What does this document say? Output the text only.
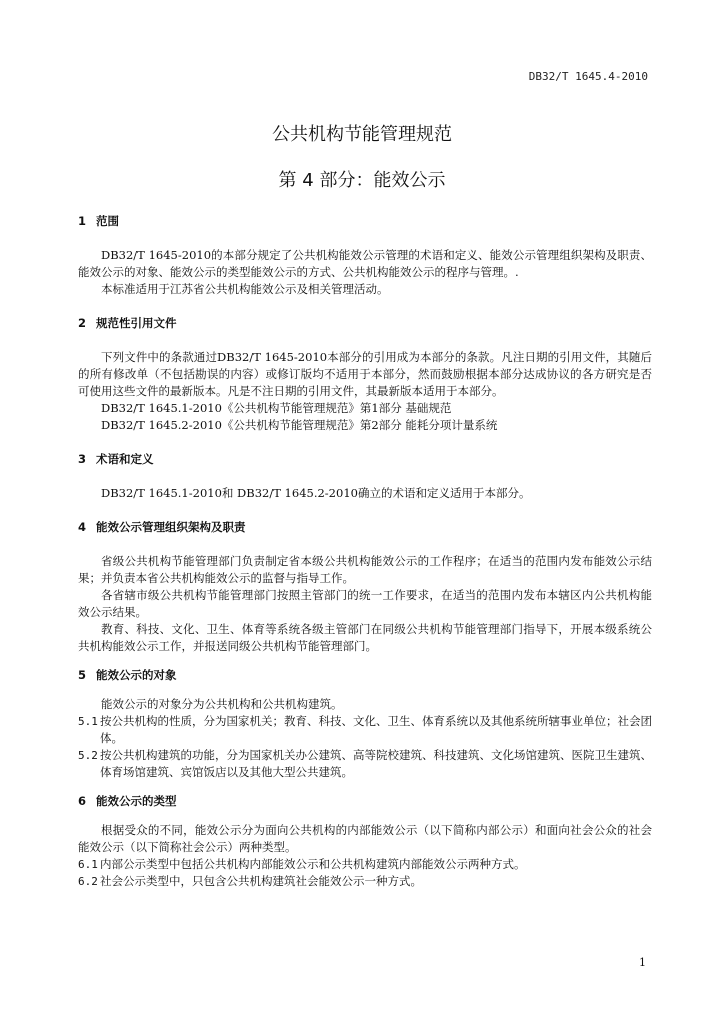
DB32/T 1645.4-2010
公共机构节能管理规范
第 4 部分：能效公示
1 范围

DB32/T 1645-2010的本部分规定了公共机构能效公示管理的术语和定义、能效公示管理组织架构及职责、能效公示的对象、能效公示的类型能效公示的方式、公共机构能效公示的程序与管理。.

本标准适用于江苏省公共机构能效公示及相关管理活动。

2 规范性引用文件

下列文件中的条款通过DB32/T 1645-2010本部分的引用成为本部分的条款。凡注日期的引用文件，其随后的所有修改单（不包括勘误的内容）或修订版均不适用于本部分，然而鼓励根据本部分达成协议的各方研究是否可使用这些文件的最新版本。凡是不注日期的引用文件，其最新版本适用于本部分。

DB32/T 1645.1-2010《公共机构节能管理规范》第1部分 基础规范

DB32/T 1645.2-2010《公共机构节能管理规范》第2部分 能耗分项计量系统

3 术语和定义

DB32/T 1645.1-2010和 DB32/T 1645.2-2010确立的术语和定义适用于本部分。

4 能效公示管理组织架构及职责

省级公共机构节能管理部门负责制定省本级公共机构能效公示的工作程序；在适当的范围内发布能效公示结果；并负责本省公共机构能效公示的监督与指导工作。

各省辖市级公共机构节能管理部门按照主管部门的统一工作要求，在适当的范围内发布本辖区内公共机构能效公示结果。

教育、科技、文化、卫生、体育等系统各级主管部门在同级公共机构节能管理部门指导下，开展本级系统公共机构能效公示工作，并报送同级公共机构节能管理部门。

5 能效公示的对象

能效公示的对象分为公共机构和公共机构建筑。

5.1 按公共机构的性质，分为国家机关；教育、科技、文化、卫生、体育系统以及其他系统所辖事业单位；社会团体。

5.2 按公共机构建筑的功能，分为国家机关办公建筑、高等院校建筑、科技建筑、文化场馆建筑、医院卫生建筑、体育场馆建筑、宾馆饭店以及其他大型公共建筑。

6 能效公示的类型

根据受众的不同，能效公示分为面向公共机构的内部能效公示（以下简称内部公示）和面向社会公众的社会能效公示（以下简称社会公示）两种类型。

6.1 内部公示类型中包括公共机构内部能效公示和公共机构建筑内部能效公示两种方式。

6.2 社会公示类型中，只包含公共机构建筑社会能效公示一种方式。

1
